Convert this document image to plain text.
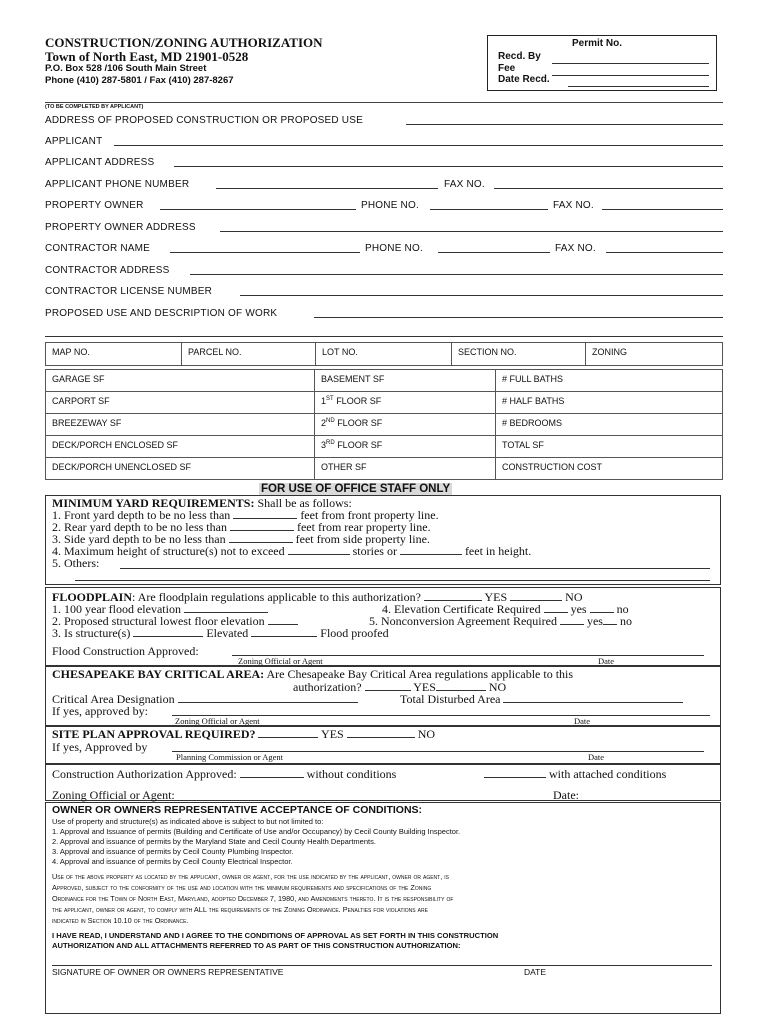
CONSTRUCTION/ZONING AUTHORIZATION
Town of North East, MD 21901-0528
P.O. Box 528 /106 South Main Street
Phone (410) 287-5801 / Fax (410) 287-8267
Permit No.
Recd. By
Fee
Date Recd.
(TO BE COMPLETED BY APPLICANT)
ADDRESS OF PROPOSED CONSTRUCTION OR PROPOSED USE
APPLICANT
APPLICANT ADDRESS
APPLICANT PHONE NUMBER	FAX NO.
PROPERTY OWNER	PHONE NO.	FAX NO.
PROPERTY OWNER ADDRESS
CONTRACTOR NAME	PHONE NO.	FAX NO.
CONTRACTOR ADDRESS
CONTRACTOR LICENSE NUMBER
PROPOSED USE AND DESCRIPTION OF WORK
MAP NO.	PARCEL NO.	LOT NO.	SECTION NO.	ZONING
GARAGE SF	BASEMENT SF	# FULL BATHS
CARPORT SF	1ST FLOOR SF	# HALF BATHS
BREEZEWAY SF	2ND FLOOR SF	# BEDROOMS
DECK/PORCH ENCLOSED SF	3RD FLOOR SF	TOTAL SF
DECK/PORCH UNENCLOSED SF	OTHER SF	CONSTRUCTION COST
FOR USE OF OFFICE STAFF ONLY
MINIMUM YARD REQUIREMENTS: Shall be as follows:
1. Front yard depth to be no less than	feet from front property line.
2. Rear yard depth to be no less than	feet from rear property line.
3. Side yard depth to be no less than	feet from side property line.
4. Maximum height of structure(s) not to exceed	stories or	feet in height.
5. Others:
FLOODPLAIN: Are floodplain regulations applicable to this authorization?	YES	NO
1. 100 year flood elevation	4. Elevation Certificate Required	yes	no
2. Proposed structural lowest floor elevation	5. Nonconversion Agreement Required	yes no
3. Is structure(s)	Elevated	Flood proofed
Flood Construction Approved:
Zoning Official or Agent	Date
CHESAPEAKE BAY CRITICAL AREA: Are Chesapeake Bay Critical Area regulations applicable to this
authorization?	YES	NO
Critical Area Designation	Total Disturbed Area
If yes, approved by:
Zoning Official or Agent	Date
SITE PLAN APPROVAL REQUIRED?	YES	NO
If yes, Approved by
Planning Commission or Agent	Date
Construction Authorization Approved:	without conditions	with attached conditions
Zoning Official or Agent:	Date:
OWNER OR OWNERS REPRESENTATIVE ACCEPTANCE OF CONDITIONS:
Use of property and structure(s) as indicated above is subject to but not limited to:
1. Approval and Issuance of permits (Building and Certificate of Use and/or Occupancy) by Cecil County Building Inspector.
2. Approval and issuance of permits by the Maryland State and Cecil County Health Departments.
3. Approval and issuance of permits by Cecil County Plumbing Inspector.
4. Approval and issuance of permits by Cecil County Electrical Inspector.
Use of the above property as located by the applicant, owner or agent, for the use indicated by the applicant, owner or agent, is
Approved, subject to the conformity of the use and location with the minimum requirements and specifications of the Zoning
Ordinance for the Town of North East, Maryland, adopted December 7, 1980, and Amendments thereto. It is the responsibility of
the applicant, owner or agent, to comply with ALL the requirements of the Zoning Ordinance. Penalties for violations are
indicated in Section 10.10 of the Ordinance.
I HAVE READ, I UNDERSTAND AND I AGREE TO THE CONDITIONS OF APPROVAL AS SET FORTH IN THIS CONSTRUCTION
AUTHORIZATION AND ALL ATTACHMENTS REFERRED TO AS PART OF THIS CONSTRUCTION AUTHORIZATION:
SIGNATURE OF OWNER OR OWNERS REPRESENTATIVE	DATE
